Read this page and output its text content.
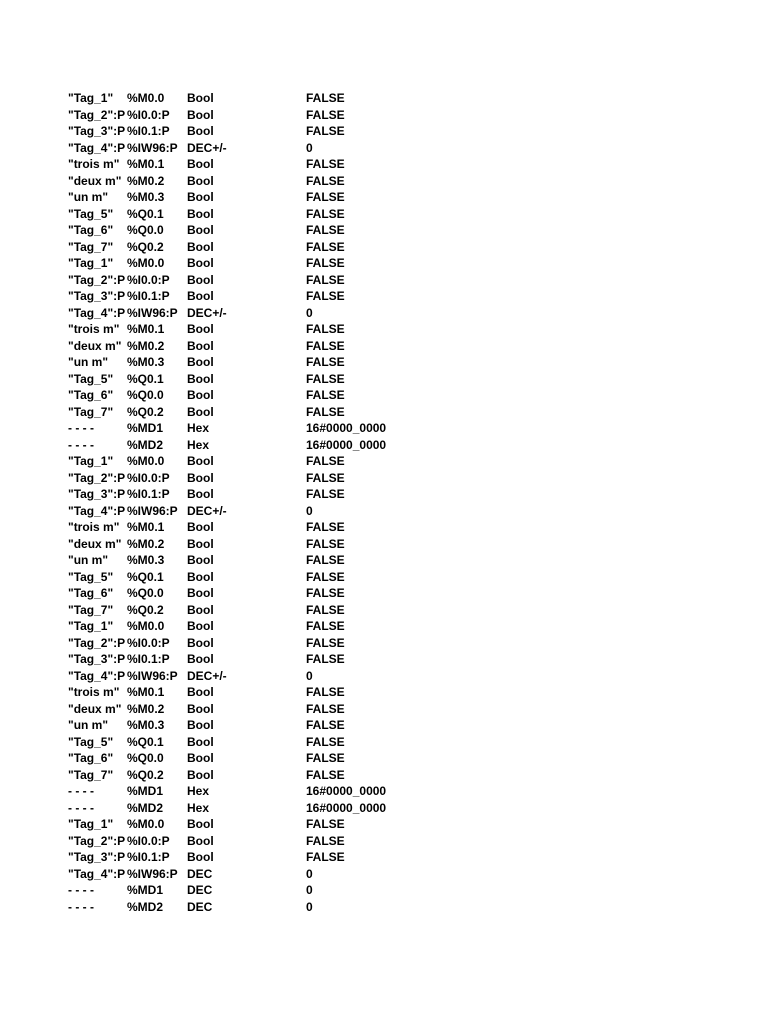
"Tag_1"	%M0.0	Bool	FALSE
"Tag_2":P %I0.0:P	Bool	FALSE
"Tag_3":P %I0.1:P	Bool	FALSE
"Tag_4":P %IW96:P DEC+/-	0
"trois m" %M0.1	Bool	FALSE
"deux m" %M0.2	Bool	FALSE
"un m"	%M0.3	Bool	FALSE
"Tag_5"	%Q0.1	Bool	FALSE
"Tag_6"	%Q0.0	Bool	FALSE
"Tag_7"	%Q0.2	Bool	FALSE
"Tag_1"	%M0.0	Bool	FALSE
"Tag_2":P %I0.0:P	Bool	FALSE
"Tag_3":P %I0.1:P	Bool	FALSE
"Tag_4":P %IW96:P DEC+/-	0
"trois m" %M0.1	Bool	FALSE
"deux m" %M0.2	Bool	FALSE
"un m"	%M0.3	Bool	FALSE
"Tag_5"	%Q0.1	Bool	FALSE
"Tag_6"	%Q0.0	Bool	FALSE
"Tag_7"	%Q0.2	Bool	FALSE
- - - -	%MD1	Hex	16#0000_0000
- - - -	%MD2	Hex	16#0000_0000
"Tag_1"	%M0.0	Bool	FALSE
"Tag_2":P %I0.0:P	Bool	FALSE
"Tag_3":P %I0.1:P	Bool	FALSE
"Tag_4":P %IW96:P DEC+/-	0
"trois m" %M0.1	Bool	FALSE
"deux m" %M0.2	Bool	FALSE
"un m"	%M0.3	Bool	FALSE
"Tag_5"	%Q0.1	Bool	FALSE
"Tag_6"	%Q0.0	Bool	FALSE
"Tag_7"	%Q0.2	Bool	FALSE
"Tag_1"	%M0.0	Bool	FALSE
"Tag_2":P %I0.0:P	Bool	FALSE
"Tag_3":P %I0.1:P	Bool	FALSE
"Tag_4":P %IW96:P DEC+/-	0
"trois m" %M0.1	Bool	FALSE
"deux m" %M0.2	Bool	FALSE
"un m"	%M0.3	Bool	FALSE
"Tag_5"	%Q0.1	Bool	FALSE
"Tag_6"	%Q0.0	Bool	FALSE
"Tag_7"	%Q0.2	Bool	FALSE
- - - -	%MD1	Hex	16#0000_0000
- - - -	%MD2	Hex	16#0000_0000
"Tag_1"	%M0.0	Bool	FALSE
"Tag_2":P %I0.0:P	Bool	FALSE
"Tag_3":P %I0.1:P	Bool	FALSE
"Tag_4":P %IW96:P DEC	0
- - - -	%MD1	DEC	0
- - - -	%MD2	DEC	0
